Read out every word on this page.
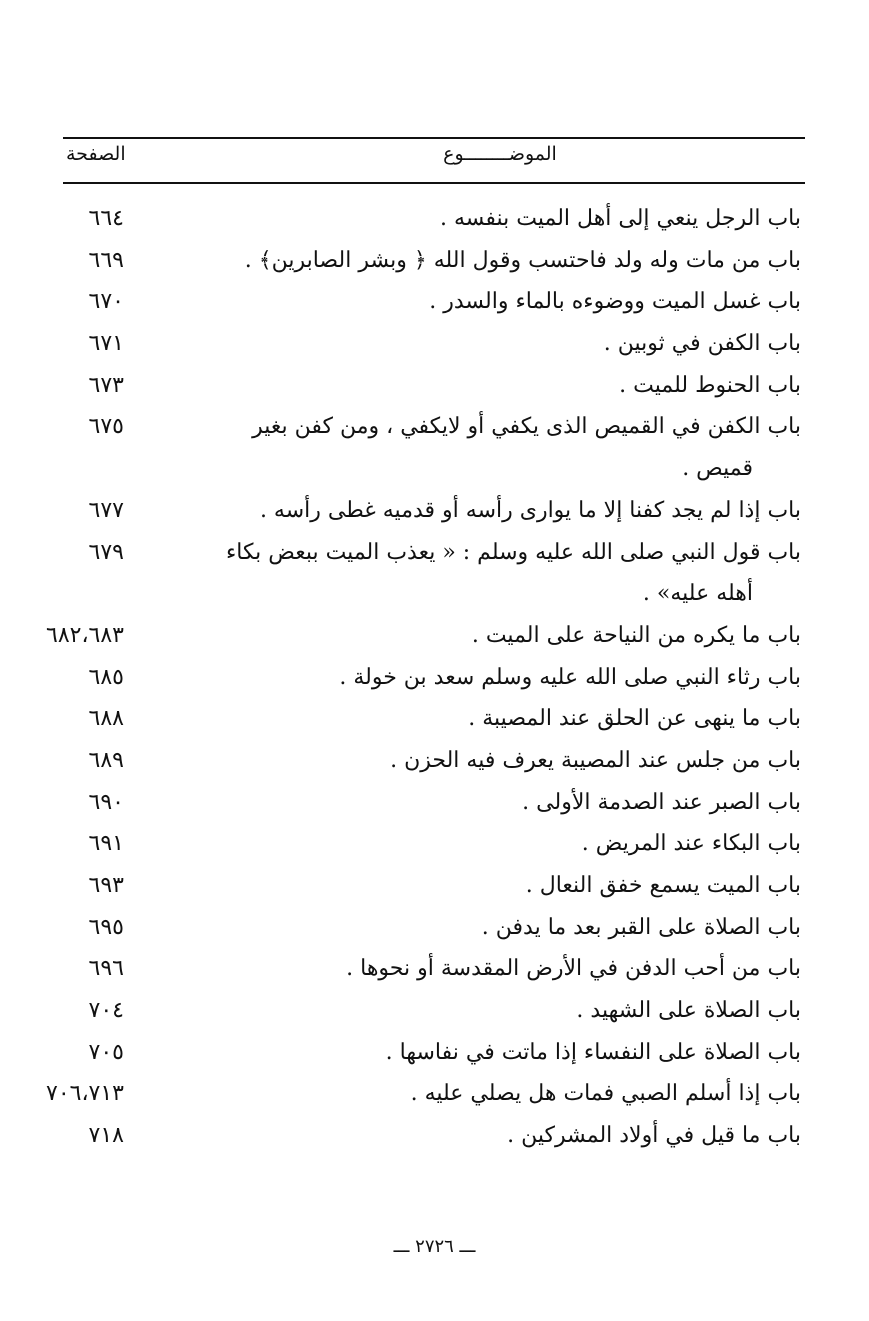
الموضــــــــوع
الصفحة
باب الرجل ينعي إلى أهل الميت بنفسه .
٦٦٤
باب من مات وله ولد فاحتسب وقول الله ﴿ وبشر الصابرين﴾ .
٦٦٩
باب غسل الميت ووضوءه بالماء والسدر .
٦٧٠
باب الكفن في ثوبين .
٦٧١
باب الحنوط للميت .
٦٧٣
باب الكفن في القميص الذى يكفي أو لايكفي ، ومن كفن بغير
٦٧٥
قميص .
باب إذا لم يجد كفنا إلا ما يوارى رأسه أو قدميه غطى رأسه .
٦٧٧
باب قول النبي صلى الله عليه وسلم : « يعذب الميت ببعض بكاء
٦٧٩
أهله عليه» .
باب ما يكره من النياحة على الميت .
٦٨٢،٦٨٣
باب رثاء النبي صلى الله عليه وسلم سعد بن خولة .
٦٨٥
باب ما ينهى عن الحلق عند المصيبة .
٦٨٨
باب من جلس عند المصيبة يعرف فيه الحزن .
٦٨٩
باب الصبر عند الصدمة الأولى .
٦٩٠
باب البكاء عند المريض .
٦٩١
باب الميت يسمع خفق النعال .
٦٩٣
باب الصلاة على القبر بعد ما يدفن .
٦٩٥
باب من أحب الدفن في الأرض المقدسة أو نحوها .
٦٩٦
باب الصلاة على الشهيد .
٧٠٤
باب الصلاة على النفساء إذا ماتت في نفاسها .
٧٠٥
باب إذا أسلم الصبي فمات هل يصلي عليه .
٧٠٦،٧١٣
باب ما قيل في أولاد المشركين .
٧١٨
ـــ ٢٧٢٦ ـــ
